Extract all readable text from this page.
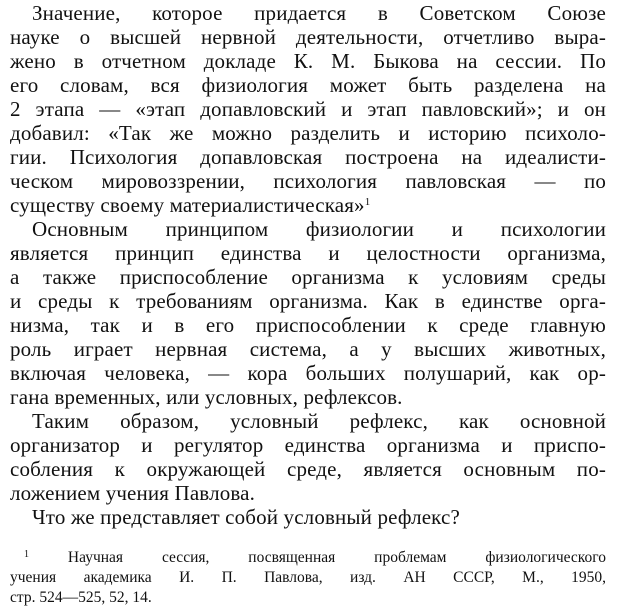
Значение, которое придается в Советском Союзе
науке о высшей нервной деятельности, отчетливо выра-
жено в отчетном докладе К. М. Быкова на сессии. По
его словам, вся физиология может быть разделена на
2 этапа — «этап допавловский и этап павловский»; и он
добавил: «Так же можно разделить и историю психоло-
гии. Психология допавловская построена на идеалисти-
ческом мировоззрении, психология павловская — по
существу своему материалистическая»$^1$
Основным принципом физиологии и психологии
является принцип единства и целостности организма,
а также приспособление организма к условиям среды
и среды к требованиям организма. Как в единстве орга-
низма, так и в его приспособлении к среде главную
роль играет нервная система, а у высших животных,
включая человека, — кора больших полушарий, как ор-
гана временных, или условных, рефлексов.
Таким образом, условный рефлекс, как основной
организатор и регулятор единства организма и приспо-
собления к окружающей среде, является основным по-
ложением учения Павлова.
Что же представляет собой условный рефлекс?
$^1$	Научная сессия, посвященная проблемам физиологического
учения академика И. П. Павлова, изд. АН СССР, М., 1950,
стр. 524—525, 52, 14.
